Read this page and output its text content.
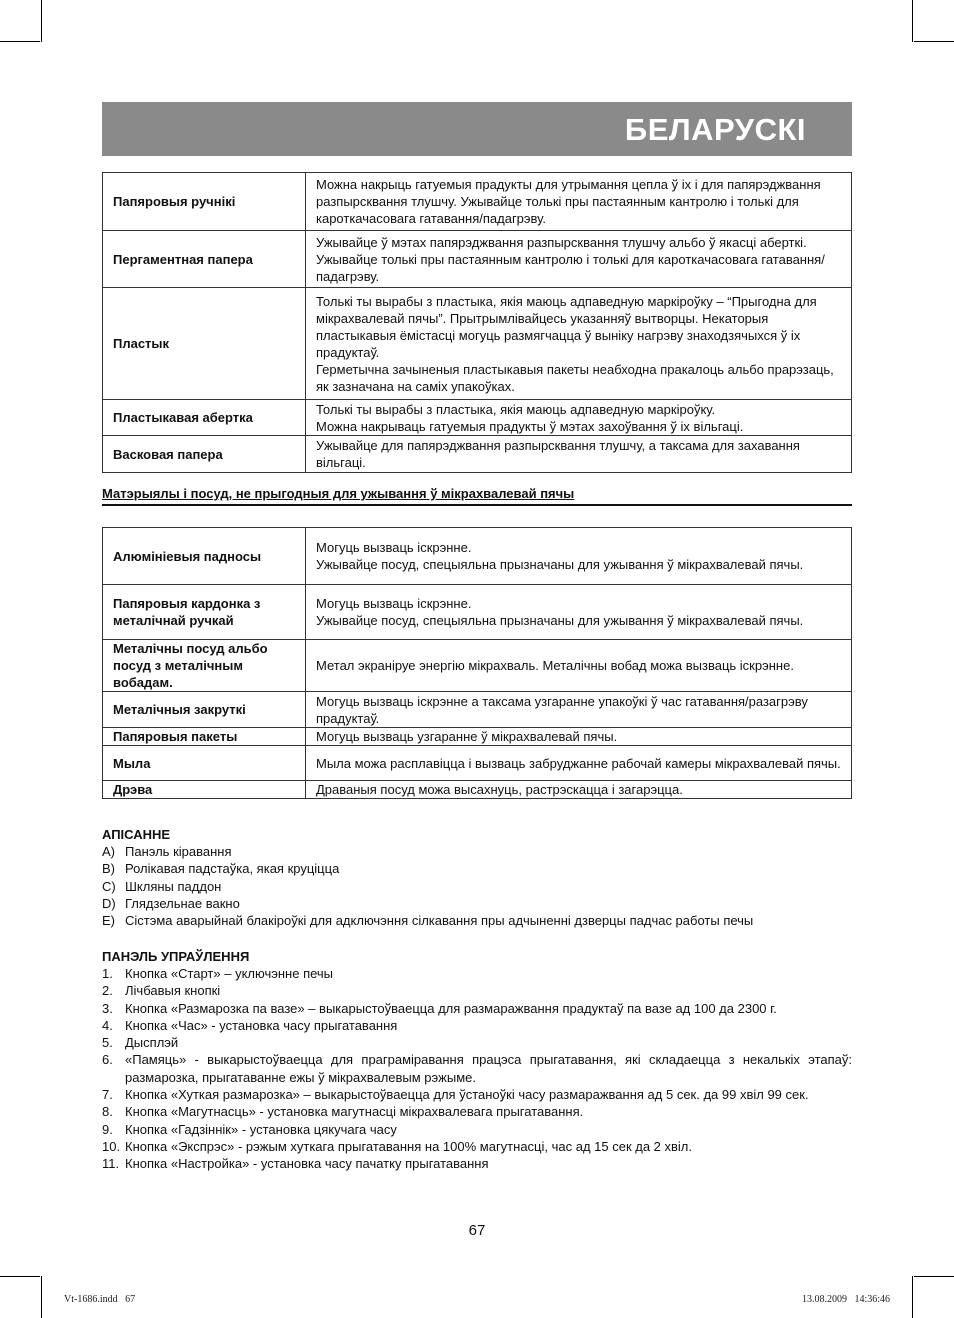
БЕЛАРУСКІ
Папяровыя ручнікі	Можна накрыць гатуемыя прадукты для утрымання цепла ў іх і для папярэджвання разпырсквання тлушчу. Ужывайце толькі пры пастаянным кантролю і толькі для кароткачасовага гатавання/падагрэву.
Пергаментная папера	Ужывайце ў мэтах папярэджвання разпырсквання тлушчу альбо ў якасці аберткі. Ужывайце толькі пры пастаянным кантролю і толькі для кароткачасовага гатавання/падагрэву.
Пластык	Толькі ты вырабы з пластыка, якія маюць адпаведную маркіроўку – “Прыгодна для мікрахвалевай пячы”. Прытрымлівайцесь указанняў вытворцы. Некаторыя пластыкавыя ёмістасці могуць размягчацца ў выніку нагрэву знаходзячыхся ў іх прадуктаў.
Герметычна зачыненыя пластыкавыя пакеты неабходна пракалоць альбо прарэзаць, як зазначана на саміх упакоўках.
Пластыкавая абертка	Толькі ты вырабы з пластыка, якія маюць адпаведную маркіроўку.
Можна накрываць гатуемыя прадукты ў мэтах захоўвання ў іх вільгаці.
Васковая папера	Ужывайце для папярэджвання разпырсквання тлушчу, а таксама для захавання вільгаці.
Матэрыялы і посуд, не прыгодныя для ужывання ў мікрахвалевай пячы
Алюмініевыя падносы	Могуць вызваць іскрэнне.
Ужывайце посуд, спецыяльна прызначаны для ужывання ў мікрахвалевай пячы.
Папяровыя кардонка з металічнай ручкай	Могуць вызваць іскрэнне.
Ужывайце посуд, спецыяльна прызначаны для ужывання ў мікрахвалевай пячы.
Металічны посуд альбо посуд з металічным вобадам.	Метал экраніруе энергію мікрахваль. Металічны вобад можа вызваць іскрэнне.
Металічныя закруткі	Могуць вызваць іскрэнне а таксама узгаранне упакоўкі ў час гатавання/разагрэву прадуктаў.
Папяровыя пакеты	Могуць вызваць узгаранне ў мікрахвалевай пячы.
Мыла	Мыла можа расплавіцца і вызваць забруджанне рабочай камеры мікрахвалевай пячы.
Дрэва	Драваныя посуд можа высахнуць, растрэскацца і загарэцца.
АПІСАННЕ
A) Панэль кіравання
B) Ролікавая падстаўка, якая круціцца
C) Шкляны паддон
D) Глядзельнае вакно
E) Сістэма аварыйнай блакіроўкі для адключэння сілкавання пры адчыненні дзверцы падчас работы печы
ПАНЭЛЬ УПРАЎЛЕННЯ
1. Кнопка «Старт» – уключэнне печы
2. Лічбавыя кнопкі
3. Кнопка «Размарозка па вазе» – выкарыстоўваецца для размаражвання прадуктаў па вазе ад 100 да 2300 г.
4. Кнопка «Час» - установка часу прыгатавання
5. Дысплэй
6. «Памяць» - выкарыстоўваецца для праграміравання працэса прыгатавання, які складаецца з некалькіх этапаў: размарозка, прыгатаванне ежы ў мікрахвалевым рэжыме.
7. Кнопка «Хуткая размарозка» – выкарыстоўваецца для ўстаноўкі часу размаражвання ад 5 сек. да 99 хвіл 99 сек.
8. Кнопка «Магутнасць» - установка магутнасці мікрахвалевага прыгатавання.
9. Кнопка «Гадзіннік» - установка цякучага часу
10. Кнопка «Экспрэс» - рэжым хуткага прыгатавання на 100% магутнасці, час ад 15 сек да 2 хвіл.
11. Кнопка «Настройка» - установка часу пачатку прыгатавання
67
Vt-1686.indd   67	13.08.2009   14:36:46
